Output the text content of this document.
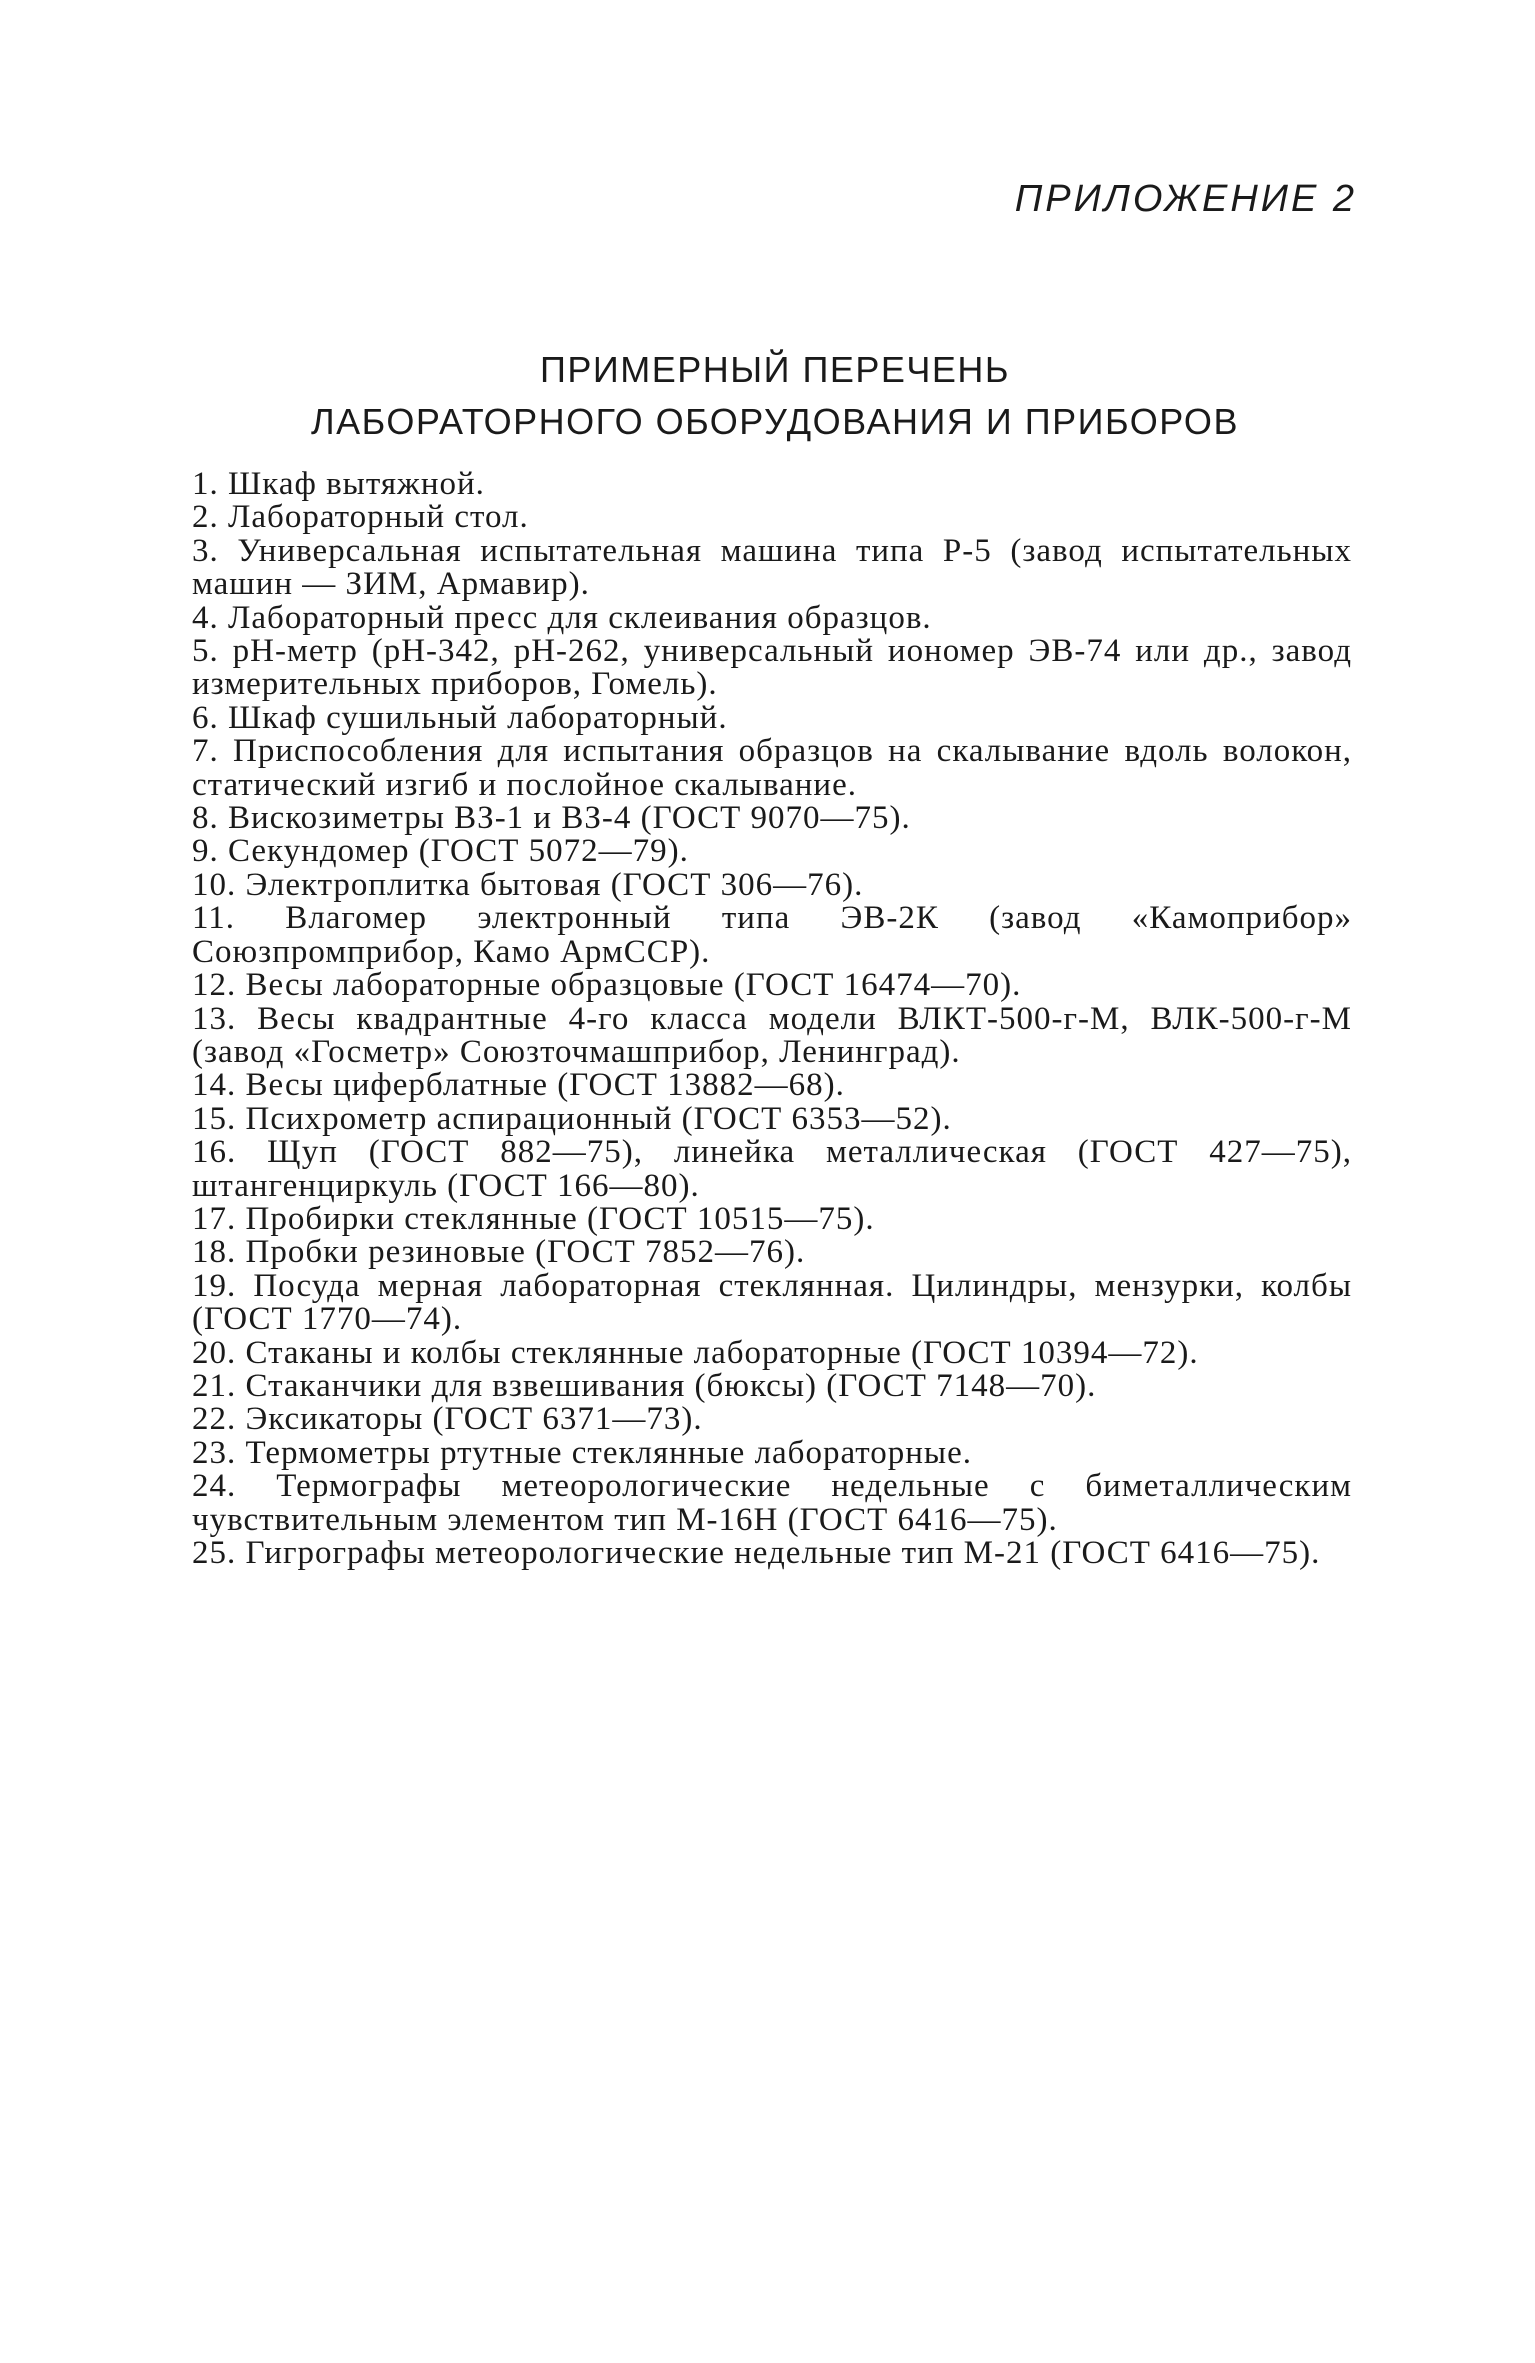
ПРИЛОЖЕНИЕ 2
ПРИМЕРНЫЙ ПЕРЕЧЕНЬ
ЛАБОРАТОРНОГО ОБОРУДОВАНИЯ И ПРИБОРОВ
1. Шкаф вытяжной.
2. Лабораторный стол.
3. Универсальная испытательная машина типа Р-5 (завод испытательных машин — ЗИМ, Армавир).
4. Лабораторный пресс для склеивания образцов.
5. pH-метр (pH-342, pH-262, универсальный иономер ЭВ-74 или др., завод измерительных приборов, Гомель).
6. Шкаф сушильный лабораторный.
7. Приспособления для испытания образцов на скалывание вдоль волокон, статический изгиб и послойное скалывание.
8. Вискозиметры ВЗ-1 и ВЗ-4 (ГОСТ 9070—75).
9. Секундомер (ГОСТ 5072—79).
10. Электроплитка бытовая (ГОСТ 306—76).
11. Влагомер электронный типа ЭВ-2К (завод «Камоприбор» Союзпромприбор, Камо АрмССР).
12. Весы лабораторные образцовые (ГОСТ 16474—70).
13. Весы квадрантные 4-го класса модели ВЛКТ-500-г-М, ВЛК-500-г-М (завод «Госметр» Союзточмашприбор, Ленинград).
14. Весы циферблатные (ГОСТ 13882—68).
15. Психрометр аспирационный (ГОСТ 6353—52).
16. Щуп (ГОСТ 882—75), линейка металлическая (ГОСТ 427—75), штангенциркуль (ГОСТ 166—80).
17. Пробирки стеклянные (ГОСТ 10515—75).
18. Пробки резиновые (ГОСТ 7852—76).
19. Посуда мерная лабораторная стеклянная. Цилиндры, мензурки, колбы (ГОСТ 1770—74).
20. Стаканы и колбы стеклянные лабораторные (ГОСТ 10394—72).
21. Стаканчики для взвешивания (бюксы) (ГОСТ 7148—70).
22. Эксикаторы (ГОСТ 6371—73).
23. Термометры ртутные стеклянные лабораторные.
24. Термографы метеорологические недельные с биметаллическим чувствительным элементом тип М-16Н (ГОСТ 6416—75).
25. Гигрографы метеорологические недельные тип М-21 (ГОСТ 6416—75).
